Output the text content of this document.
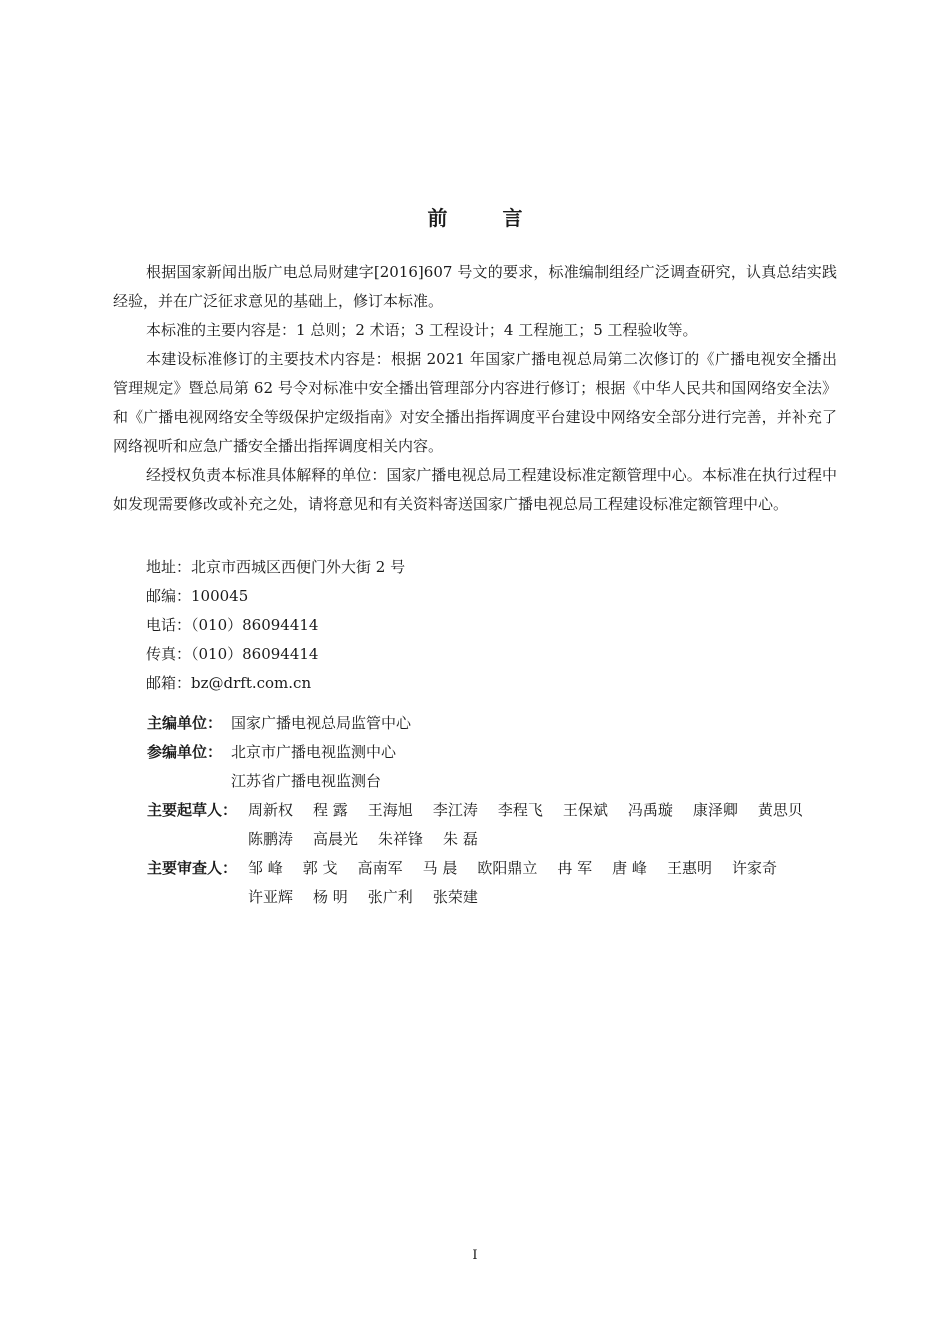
前 言

根据国家新闻出版广电总局财建字[2016]607 号文的要求，标准编制组经广泛调查研究，认真总结实践经验，并在广泛征求意见的基础上，修订本标准。

本标准的主要内容是：1 总则；2 术语；3 工程设计；4 工程施工；5 工程验收等。

本建设标准修订的主要技术内容是：根据 2021 年国家广播电视总局第二次修订的《广播电视安全播出管理规定》暨总局第 62 号令对标准中安全播出管理部分内容进行修订；根据《中华人民共和国网络安全法》和《广播电视网络安全等级保护定级指南》对安全播出指挥调度平台建设中网络安全部分进行完善，并补充了网络视听和应急广播安全播出指挥调度相关内容。

经授权负责本标准具体解释的单位：国家广播电视总局工程建设标准定额管理中心。本标准在执行过程中如发现需要修改或补充之处，请将意见和有关资料寄送国家广播电视总局工程建设标准定额管理中心。

地址：北京市西城区西便门外大街 2 号
邮编：100045
电话：（010）86094414
传真：（010）86094414
邮箱：bz@drft.com.cn
主编单位： 国家广播电视总局监管中心
参编单位： 北京市广播电视监测中心
江苏省广播电视监测台
主要起草人： 周新权 程 露 王海旭 李江涛 李程飞 王保斌 冯禹璇 康泽卿 黄思贝
陈鹏涛 高晨光 朱祥锋 朱 磊
主要审查人： 邹 峰 郭 戈 高南军 马 晨 欧阳鼎立 冉 军 唐 峰 王惠明 许家奇
许亚辉 杨 明 张广利 张荣建
I
